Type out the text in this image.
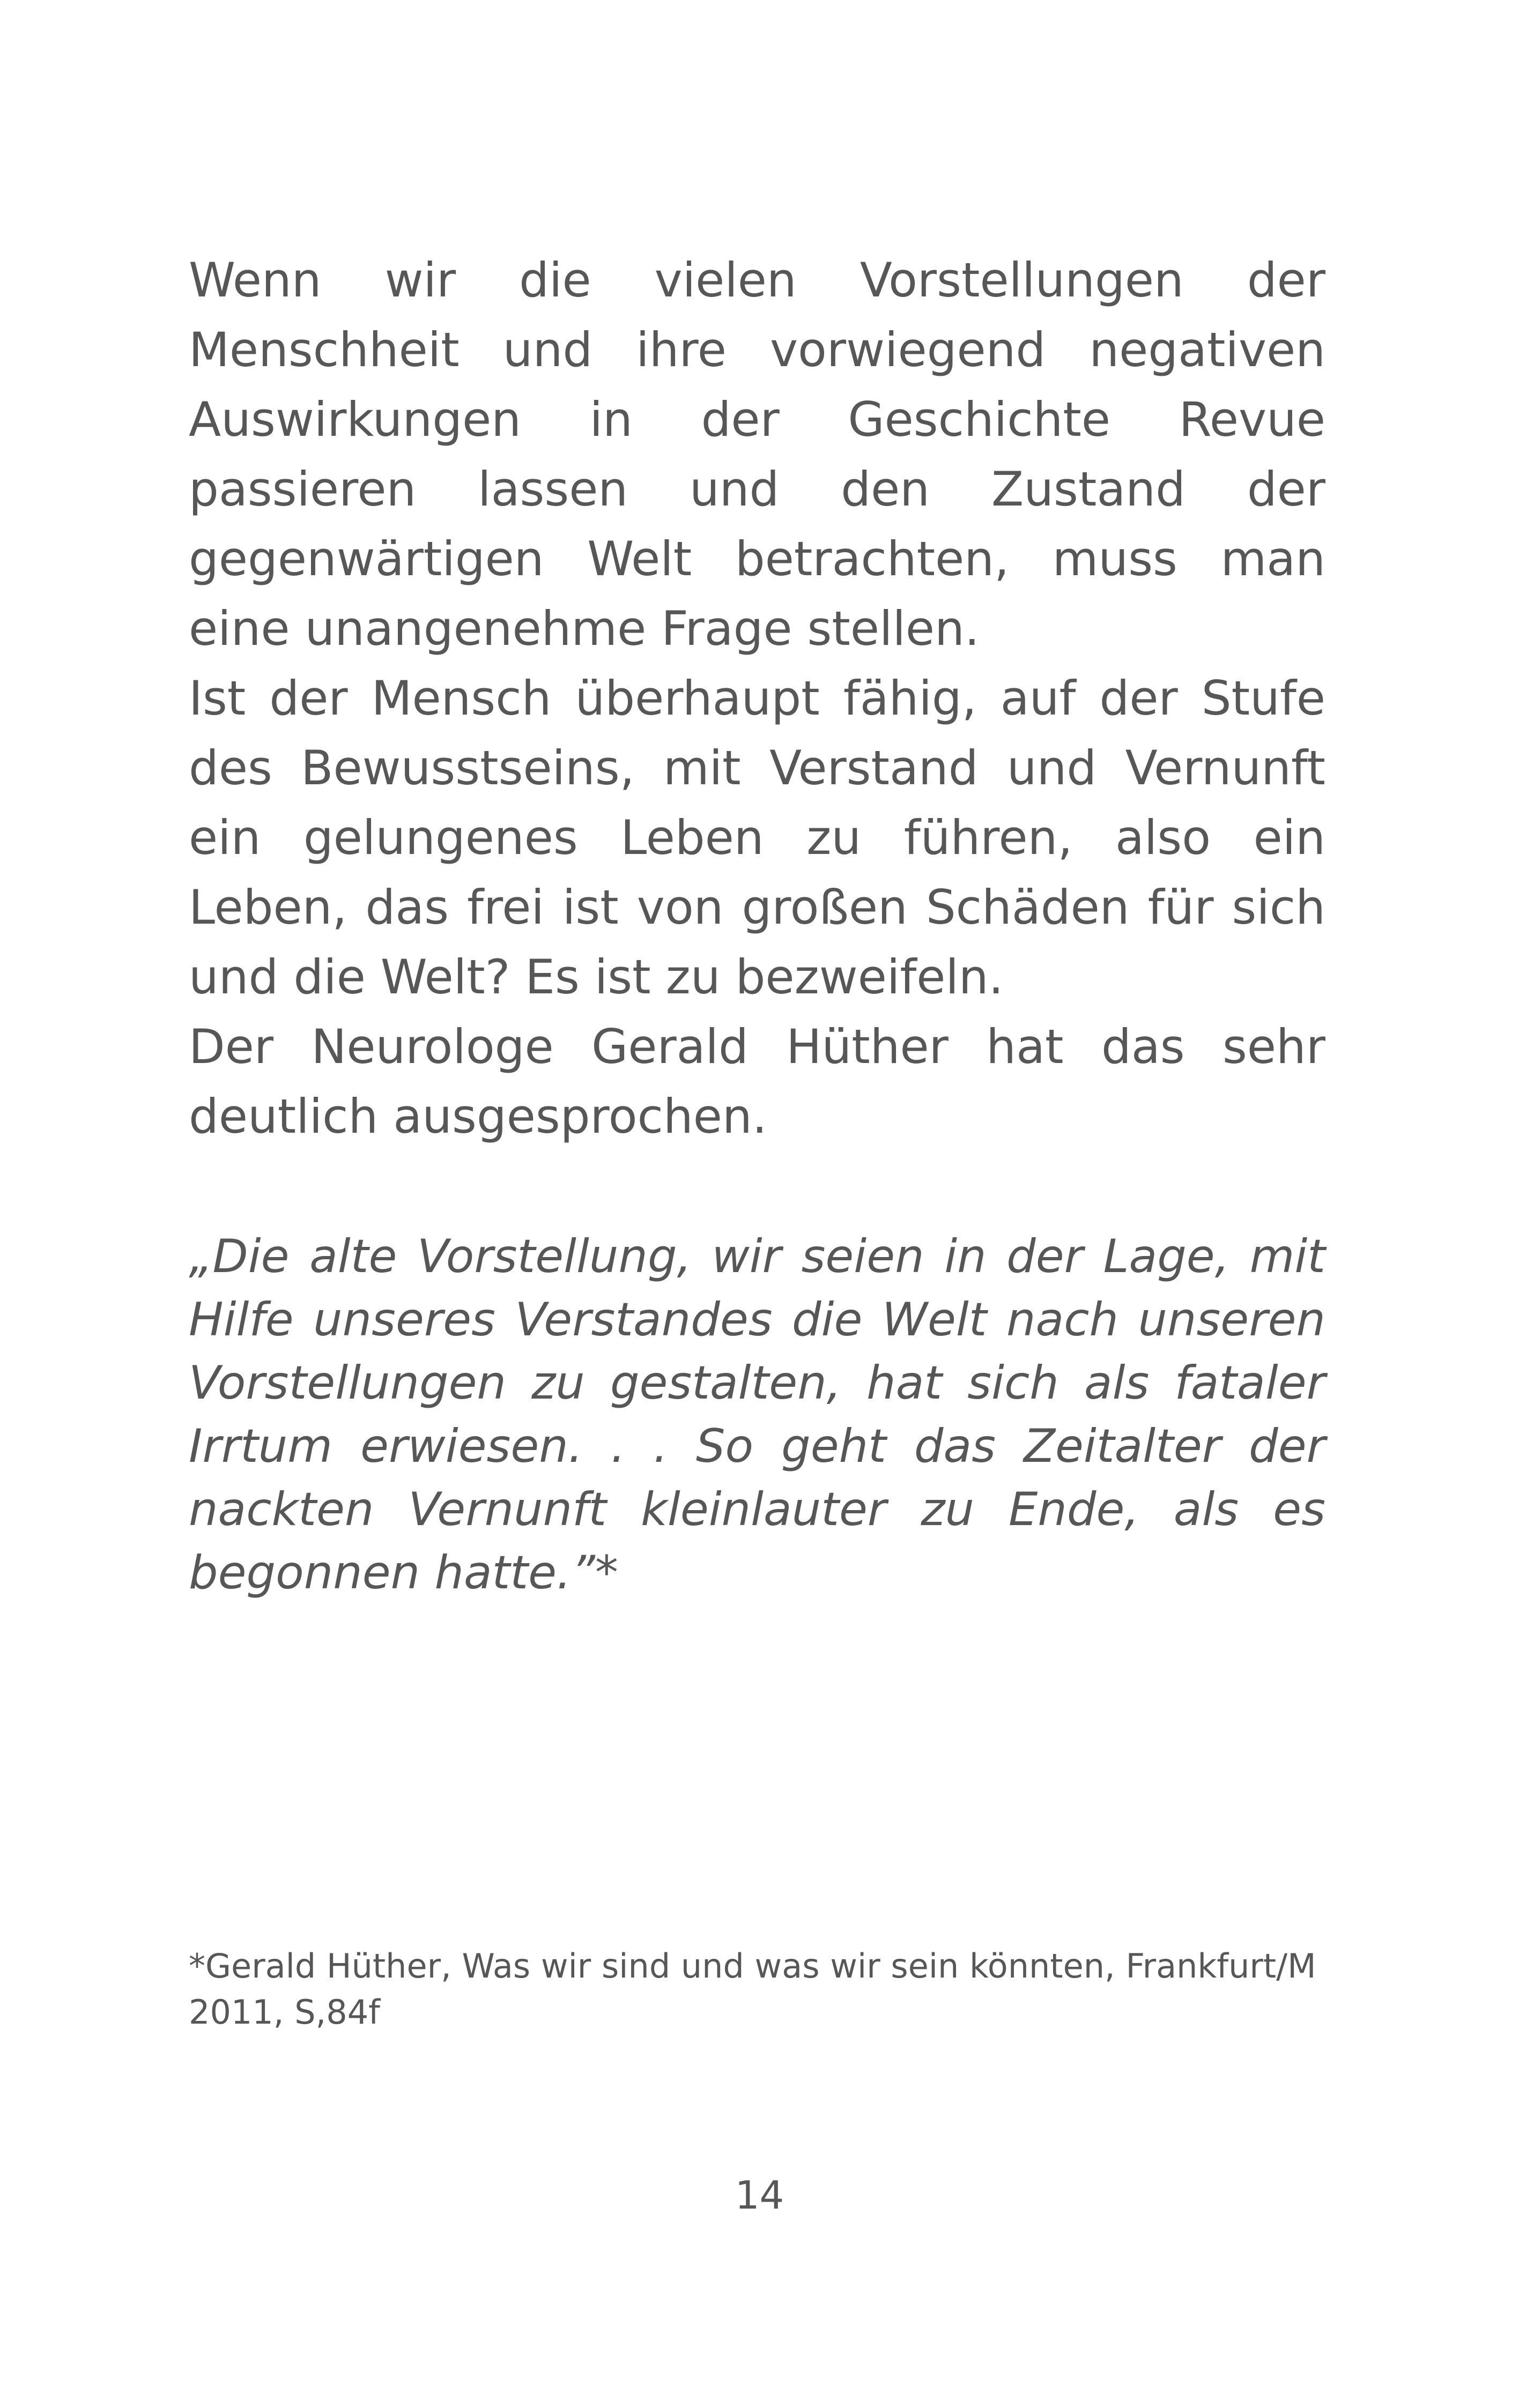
Wenn wir die vielen Vorstellungen der Menschheit und ihre vorwiegend negativen Auswirkungen in der Geschichte Revue passieren lassen und den Zustand der gegenwärtigen Welt betrachten, muss man eine unangenehme Frage stellen.

Ist der Mensch überhaupt fähig, auf der Stufe des Bewusstseins, mit Verstand und Vernunft ein gelungenes Leben zu führen, also ein Leben, das frei ist von großen Schäden für sich und die Welt? Es ist zu bezweifeln.

Der Neurologe Gerald Hüther hat das sehr deutlich ausgesprochen.

„Die alte Vorstellung, wir seien in der Lage, mit Hilfe unseres Verstandes die Welt nach unseren Vorstellungen zu gestalten, hat sich als fataler Irrtum erwiesen. . . So geht das Zeitalter der nackten Vernunft kleinlauter zu Ende, als es begonnen hatte.”*

*Gerald Hüther, Was wir sind und was wir sein könnten, Frankfurt/M 2011, S,84f

14
